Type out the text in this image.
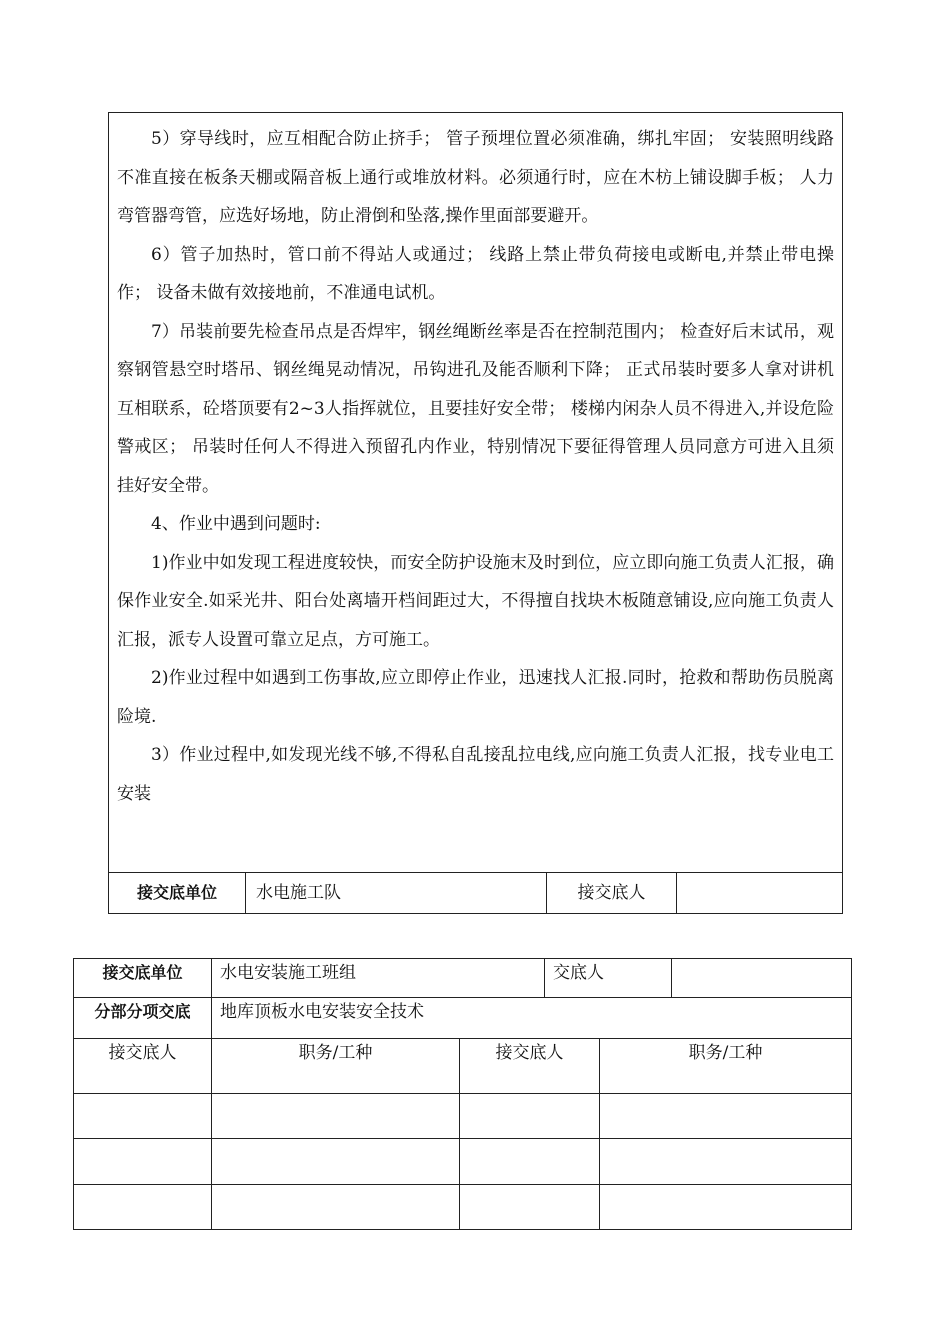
5）穿导线时，应互相配合防止挤手； 管子预埋位置必须准确，绑扎牢固； 安装照明线路不准直接在板条天棚或隔音板上通行或堆放材料。必须通行时，应在木枋上铺设脚手板； 人力弯管器弯管，应选好场地，防止滑倒和坠落,操作里面部要避开。

6）管子加热时，管口前不得站人或通过； 线路上禁止带负荷接电或断电,并禁止带电操作； 设备未做有效接地前，不准通电试机。

7）吊装前要先检查吊点是否焊牢，钢丝绳断丝率是否在控制范围内； 检查好后末试吊，观察钢管悬空时塔吊、钢丝绳晃动情况，吊钩进孔及能否顺利下降； 正式吊装时要多人拿对讲机互相联系，砼塔顶要有2~3人指挥就位，且要挂好安全带； 楼梯内闲杂人员不得进入,并设危险警戒区； 吊装时任何人不得进入预留孔内作业，特别情况下要征得管理人员同意方可进入且须挂好安全带。

4、作业中遇到问题时:

1)作业中如发现工程进度较快，而安全防护设施末及时到位，应立即向施工负责人汇报，确保作业安全.如采光井、阳台处离墙开档间距过大，不得擅自找块木板随意铺设,应向施工负责人汇报，派专人设置可靠立足点，方可施工。

2)作业过程中如遇到工伤事故,应立即停止作业，迅速找人汇报.同时，抢救和帮助伤员脱离险境.

3）作业过程中,如发现光线不够,不得私自乱接乱拉电线,应向施工负责人汇报，找专业电工安装

接交底单位	水电施工队	接交底人
接交底单位	水电安装施工班组	交底人
分部分项交底	地库顶板水电安装安全技术
接交底人	职务/工种	接交底人	职务/工种
